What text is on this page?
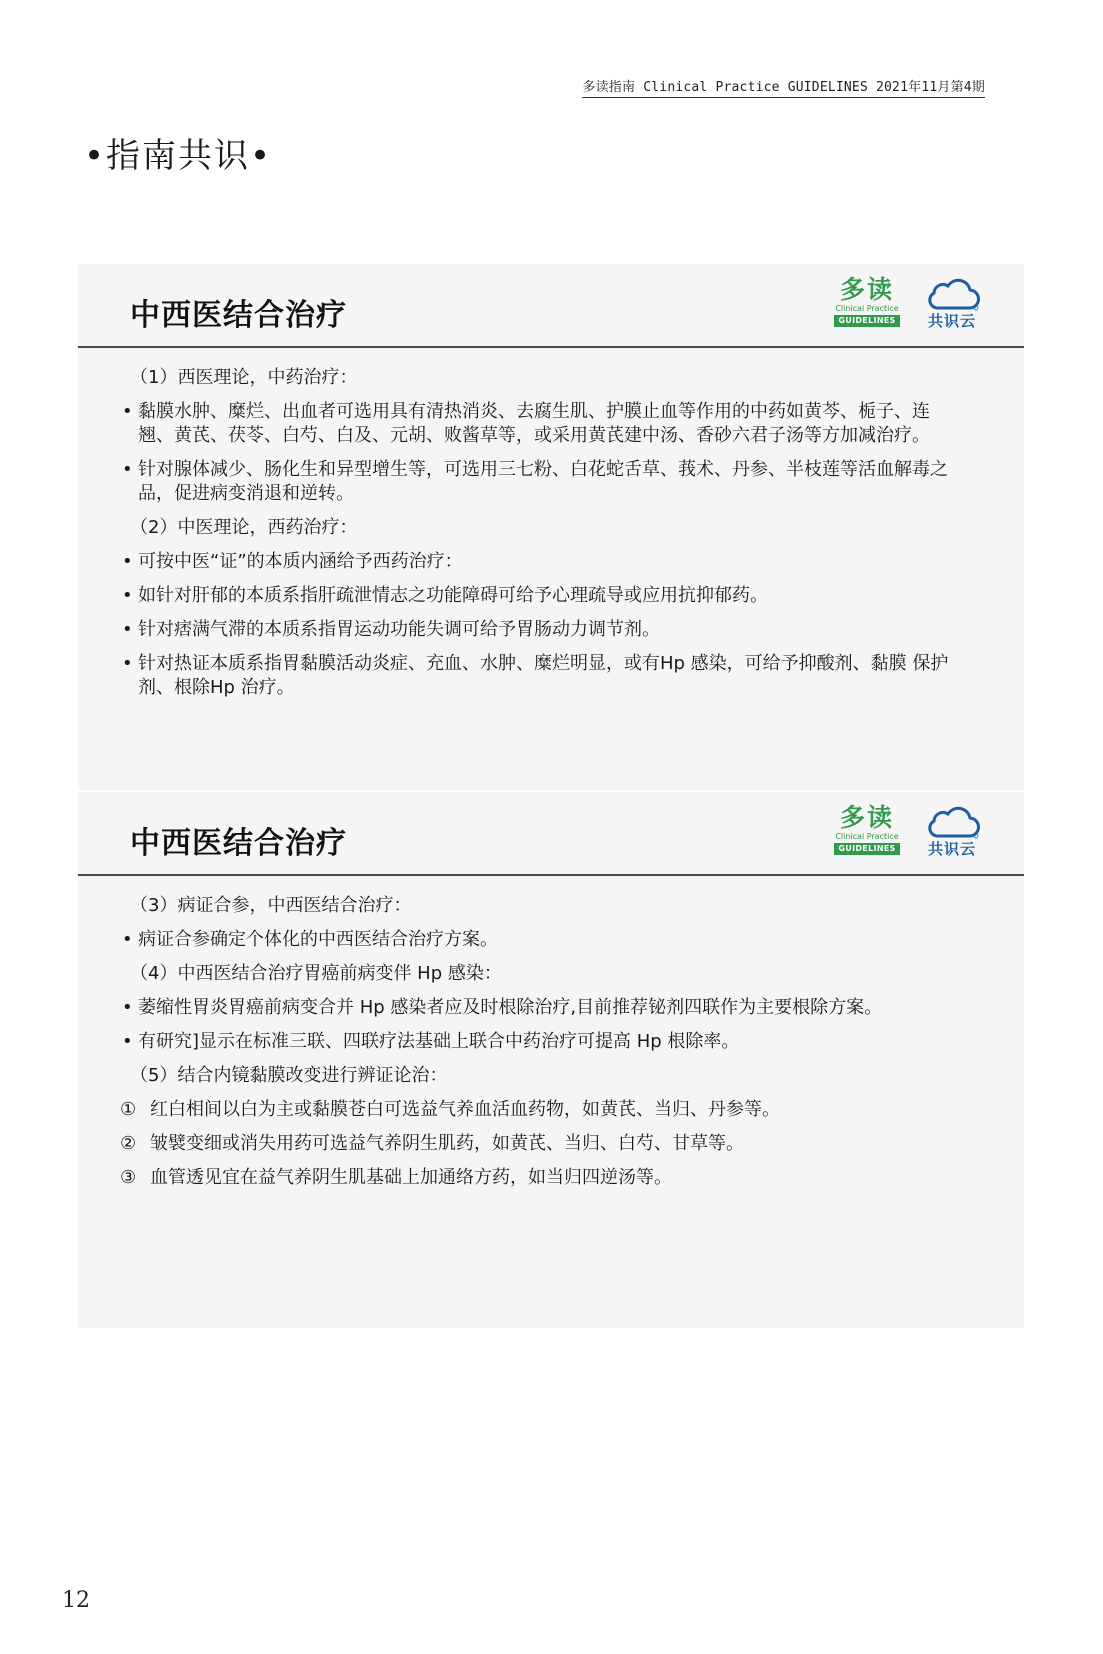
多读指南 Clinical Practice GUIDELINES 2021年11月第4期
•指南共识•
中西医结合治疗
多读
Clinical Practice
GUIDELINES	共识云

（1）西医理论，中药治疗：

• 黏膜水肿、糜烂、出血者可选用具有清热消炎、去腐生肌、护膜止血等作用的中药如黄芩、栀子、连翘、黄芪、茯苓、白芍、白及、元胡、败酱草等，或采用黄芪建中汤、香砂六君子汤等方加减治疗。

• 针对腺体减少、肠化生和异型增生等，可选用三七粉、白花蛇舌草、莪术、丹参、半枝莲等活血解毒之品，促进病变消退和逆转。

（2）中医理论，西药治疗：

• 可按中医“证”的本质内涵给予西药治疗：

• 如针对肝郁的本质系指肝疏泄情志之功能障碍可给予心理疏导或应用抗抑郁药。

• 针对痞满气滞的本质系指胃运动功能失调可给予胃肠动力调节剂。

• 针对热证本质系指胃黏膜活动炎症、充血、水肿、糜烂明显，或有Hp 感染，可给予抑酸剂、黏膜 保护剂、根除Hp 治疗。

中西医结合治疗
多读
Clinical Practice
GUIDELINES	共识云

（3）病证合参，中西医结合治疗：

• 病证合参确定个体化的中西医结合治疗方案。

（4）中西医结合治疗胃癌前病变伴 Hp 感染：

• 萎缩性胃炎胃癌前病变合并 Hp 感染者应及时根除治疗,目前推荐铋剂四联作为主要根除方案。

• 有研究]显示在标准三联、四联疗法基础上联合中药治疗可提高 Hp 根除率。

（5）结合内镜黏膜改变进行辨证论治：

① 红白相间以白为主或黏膜苍白可选益气养血活血药物，如黄芪、当归、丹参等。

② 皱襞变细或消失用药可选益气养阴生肌药，如黄芪、当归、白芍、甘草等。

③ 血管透见宜在益气养阴生肌基础上加通络方药，如当归四逆汤等。

12
